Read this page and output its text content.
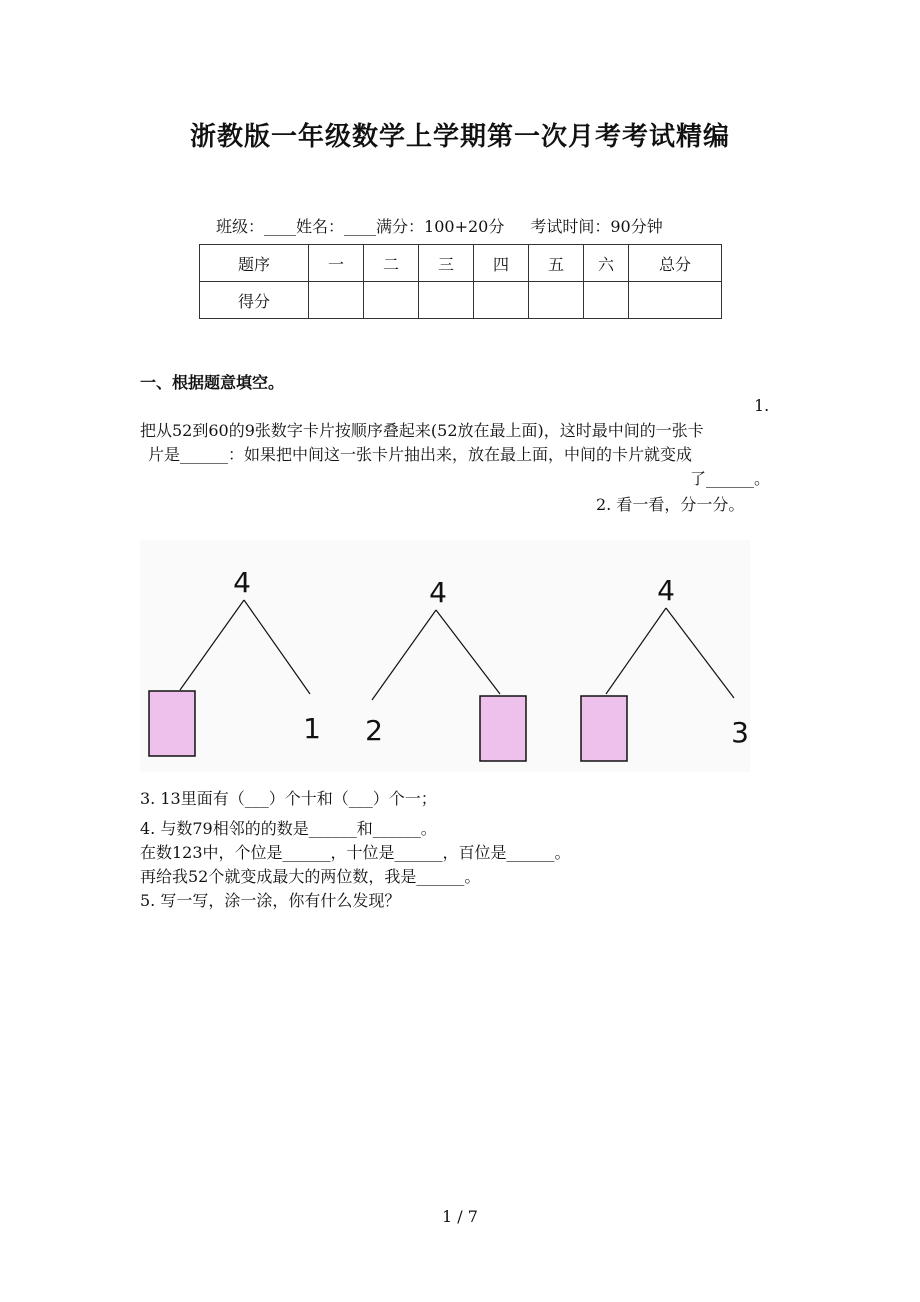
浙教版一年级数学上学期第一次月考考试精编
班级：____姓名：____满分：100+20分 考试时间：90分钟
题序	一	二	三	四	五	六	总分
得分							
一、根据题意填空。
1.
把从52到60的9张数字卡片按顺序叠起来(52放在最上面)，这时最中间的一张卡
片是______：如果把中间这一张卡片抽出来，放在最上面，中间的卡片就变成
了______。
2. 看一看，分一分。
4
1
4
2
4
3
3. 13里面有（___）个十和（___）个一；
4. 与数79相邻的的数是______和______。
在数123中，个位是______，十位是______，百位是______。
再给我52个就变成最大的两位数，我是______。
5. 写一写，涂一涂，你有什么发现？
1 / 7
